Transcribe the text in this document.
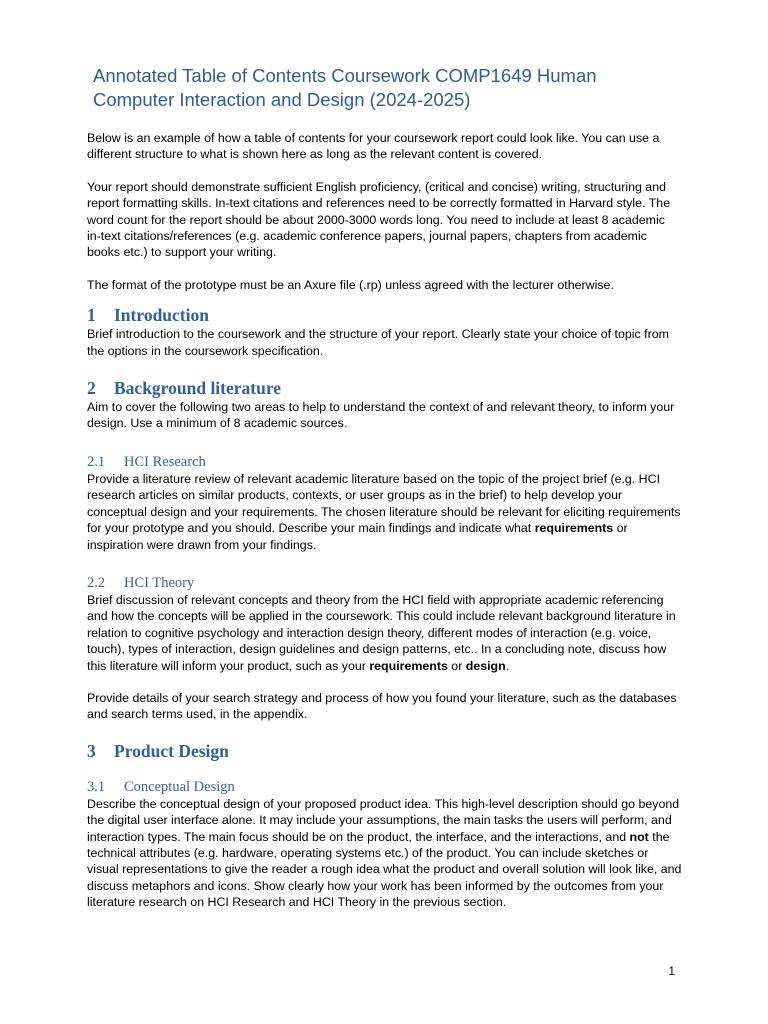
Annotated Table of Contents Coursework COMP1649 Human Computer Interaction and Design (2024-2025)

Below is an example of how a table of contents for your coursework report could look like. You can use a different structure to what is shown here as long as the relevant content is covered.

Your report should demonstrate sufficient English proficiency, (critical and concise) writing, structuring and report formatting skills. In-text citations and references need to be correctly formatted in Harvard style. The word count for the report should be about 2000-3000 words long. You need to include at least 8 academic in-text citations/references (e.g. academic conference papers, journal papers, chapters from academic books etc.) to support your writing.

The format of the prototype must be an Axure file (.rp) unless agreed with the lecturer otherwise.

1	Introduction

Brief introduction to the coursework and the structure of your report. Clearly state your choice of topic from the options in the coursework specification.

2	Background literature

Aim to cover the following two areas to help to understand the context of and relevant theory, to inform your design. Use a minimum of 8 academic sources.

2.1	HCI Research

Provide a literature review of relevant academic literature based on the topic of the project brief (e.g. HCI research articles on similar products, contexts, or user groups as in the brief) to help develop your conceptual design and your requirements. The chosen literature should be relevant for eliciting requirements for your prototype and you should. Describe your main findings and indicate what requirements or inspiration were drawn from your findings.

2.2	HCI Theory

Brief discussion of relevant concepts and theory from the HCI field with appropriate academic referencing and how the concepts will be applied in the coursework. This could include relevant background literature in relation to cognitive psychology and interaction design theory, different modes of interaction (e.g. voice, touch), types of interaction, design guidelines and design patterns, etc.. In a concluding note, discuss how this literature will inform your product, such as your requirements or design.

Provide details of your search strategy and process of how you found your literature, such as the databases and search terms used, in the appendix.

3	Product Design
3.1	Conceptual Design

Describe the conceptual design of your proposed product idea. This high-level description should go beyond the digital user interface alone. It may include your assumptions, the main tasks the users will perform, and interaction types. The main focus should be on the product, the interface, and the interactions, and not the technical attributes (e.g. hardware, operating systems etc.) of the product. You can include sketches or visual representations to give the reader a rough idea what the product and overall solution will look like, and discuss metaphors and icons. Show clearly how your work has been informed by the outcomes from your literature research on HCI Research and HCI Theory in the previous section.

1
